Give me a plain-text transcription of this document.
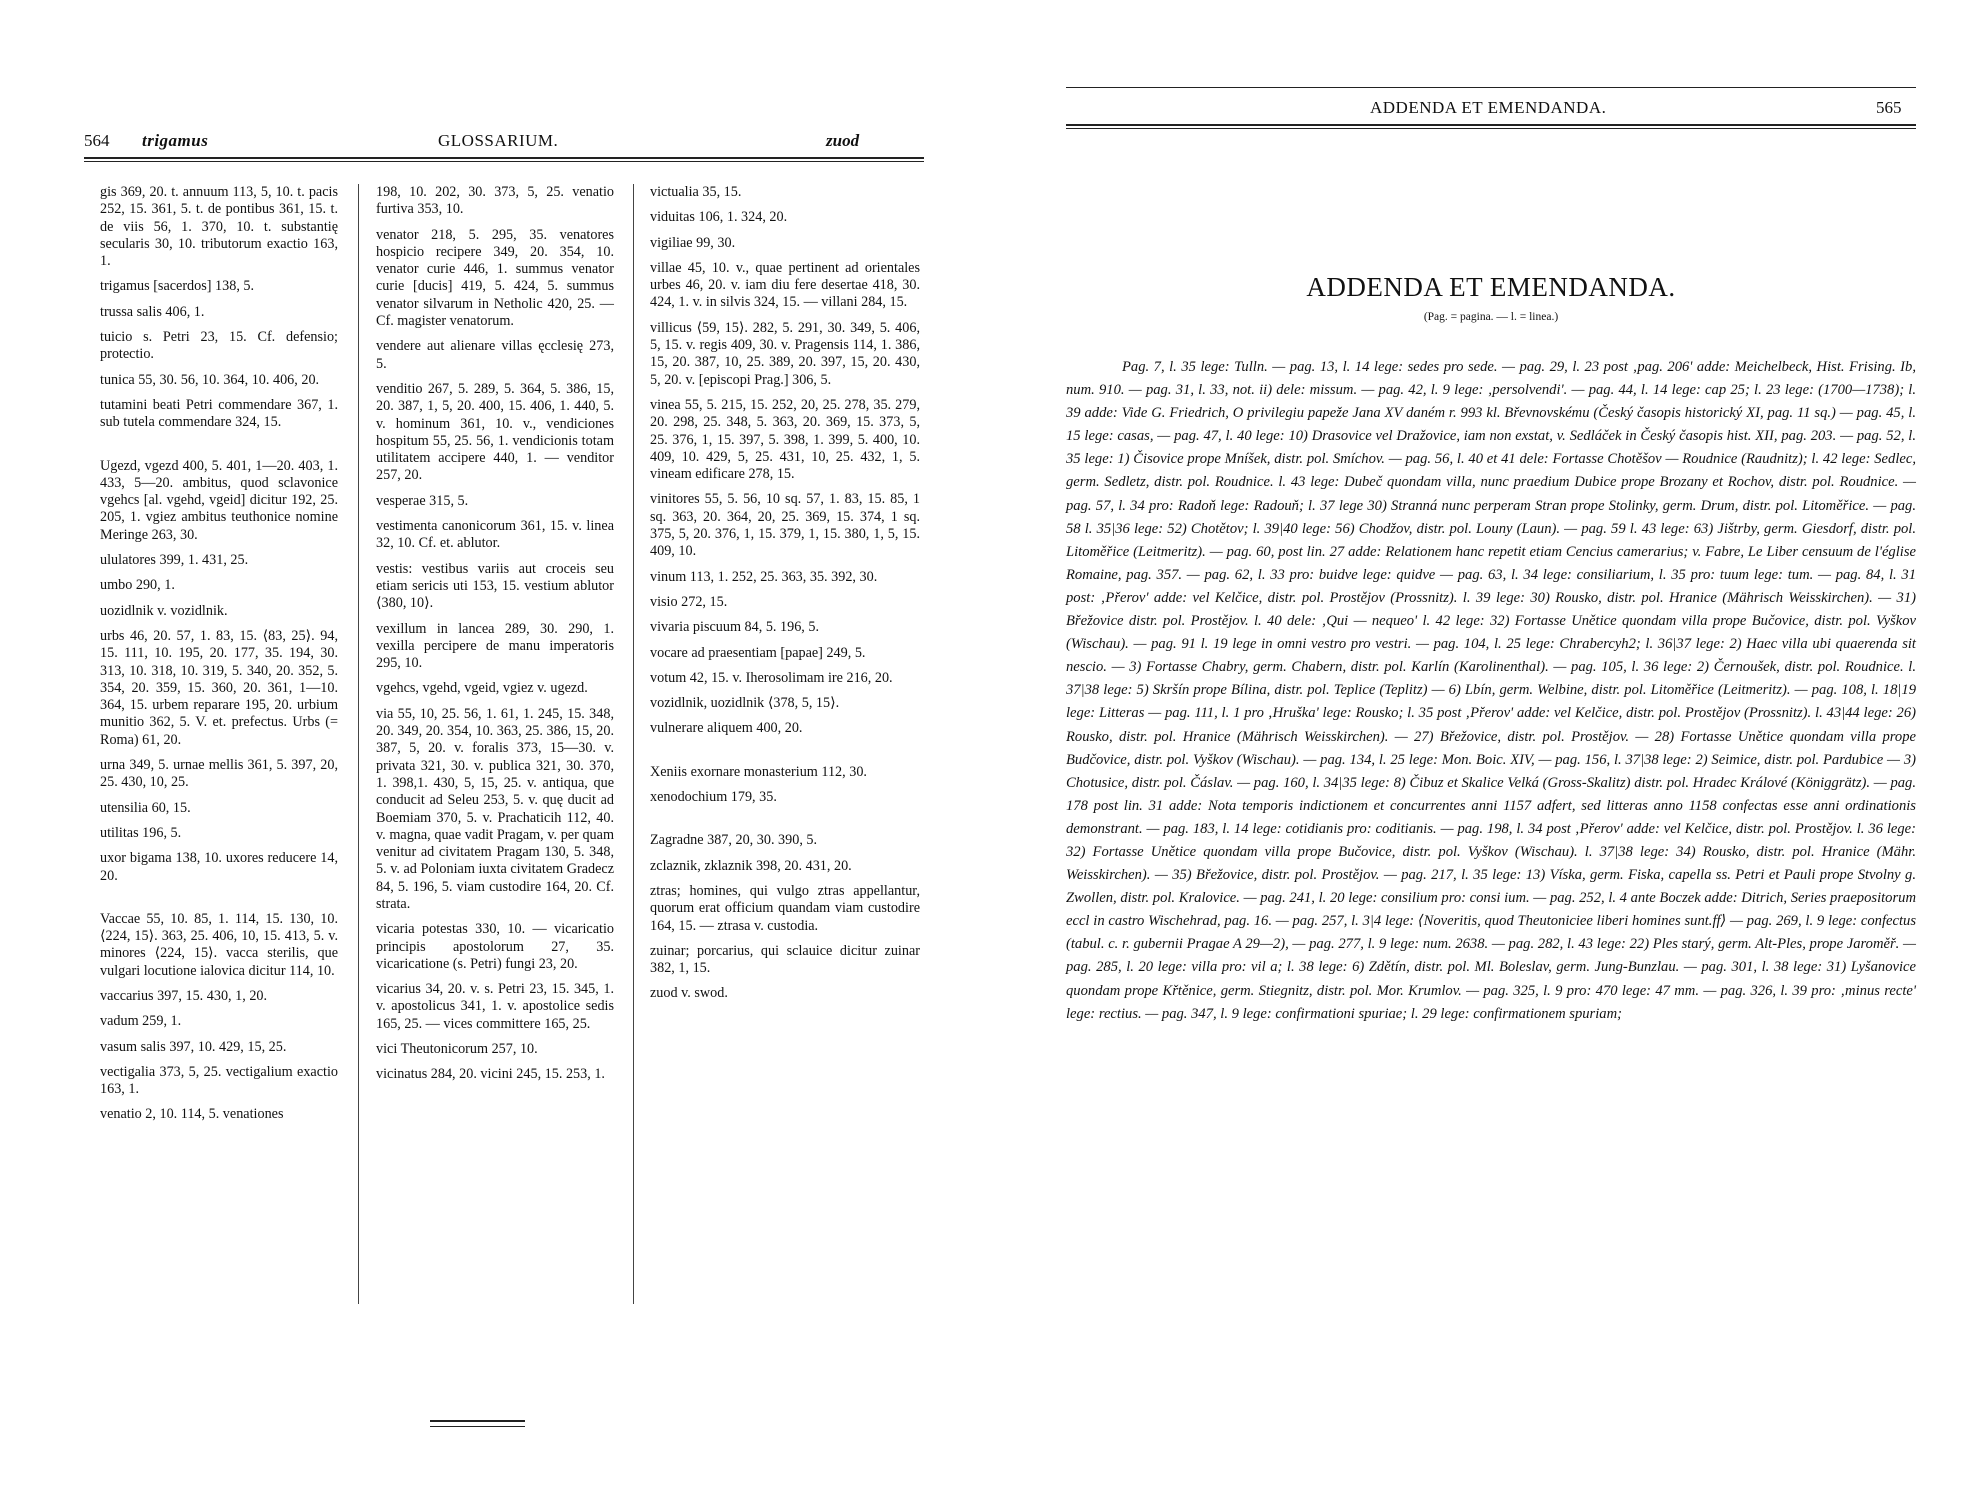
564 trigamus	GLOSSARIUM.	zuod

gis 369, 20. t. annuum 113, 5, 10. t. pacis 252, 15. 361, 5. t. de pontibus 361, 15. t. de viis 56, 1. 370, 10. t. substantię secularis 30, 10. tributorum exactio 163, 1.

trigamus [sacerdos] 138, 5.

trussa salis 406, 1.

tuicio s. Petri 23, 15. Cf. defensio; protectio.

tunica 55, 30. 56, 10. 364, 10. 406, 20.

tutamini beati Petri commendare 367, 1. sub tutela commendare 324, 15.

Ugezd, vgezd 400, 5. 401, 1—20. 403, 1. 433, 5—20. ambitus, quod sclavonice vgehcs [al. vgehd, vgeid] dicitur 192, 25. 205, 1. vgiez ambitus teuthonice nomine Meringe 263, 30.

ululatores 399, 1. 431, 25.

umbo 290, 1.

uozidlnik v. vozidlnik.

urbs 46, 20. 57, 1. 83, 15. ⟨83, 25⟩. 94, 15. 111, 10. 195, 20. 177, 35. 194, 30. 313, 10. 318, 10. 319, 5. 340, 20. 352, 5. 354, 20. 359, 15. 360, 20. 361, 1—10. 364, 15. urbem reparare 195, 20. urbium munitio 362, 5. V. et. prefectus. Urbs (= Roma) 61, 20.

urna 349, 5. urnae mellis 361, 5. 397, 20, 25. 430, 10, 25.

utensilia 60, 15.

utilitas 196, 5.

uxor bigama 138, 10. uxores reducere 14, 20.

Vaccae 55, 10. 85, 1. 114, 15. 130, 10. ⟨224, 15⟩. 363, 25. 406, 10, 15. 413, 5. v. minores ⟨224, 15⟩. vacca sterilis, que vulgari locutione ialovica dicitur 114, 10.

vaccarius 397, 15. 430, 1, 20.

vadum 259, 1.

vasum salis 397, 10. 429, 15, 25.

vectigalia 373, 5, 25. vectigalium exactio 163, 1.

venatio 2, 10. 114, 5. venationes

198, 10. 202, 30. 373, 5, 25. venatio furtiva 353, 10.

venator 218, 5. 295, 35. venatores hospicio recipere 349, 20. 354, 10. venator curie 446, 1. summus venator curie [ducis] 419, 5. 424, 5. summus venator silvarum in Netholic 420, 25. — Cf. magister venatorum.

vendere aut alienare villas ęcclesię 273, 5.

venditio 267, 5. 289, 5. 364, 5. 386, 15, 20. 387, 1, 5, 20. 400, 15. 406, 1. 440, 5. v. hominum 361, 10. v., vendiciones hospitum 55, 25. 56, 1. vendicionis totam utilitatem accipere 440, 1. — venditor 257, 20.

vesperae 315, 5.

vestimenta canonicorum 361, 15. v. linea 32, 10. Cf. et. ablutor.

vestis: vestibus variis aut croceis seu etiam sericis uti 153, 15. vestium ablutor ⟨380, 10⟩.

vexillum in lancea 289, 30. 290, 1. vexilla percipere de manu imperatoris 295, 10.

vgehcs, vgehd, vgeid, vgiez v. ugezd.

via 55, 10, 25. 56, 1. 61, 1. 245, 15. 348, 20. 349, 20. 354, 10. 363, 25. 386, 15, 20. 387, 5, 20. v. foralis 373, 15—30. v. privata 321, 30. v. publica 321, 30. 370, 1. 398,1. 430, 5, 15, 25. v. antiqua, que conducit ad Seleu 253, 5. v. quę ducit ad Boemiam 370, 5. v. Prachaticih 112, 40. v. magna, quae vadit Pragam, v. per quam venitur ad civitatem Pragam 130, 5. 348, 5. v. ad Poloniam iuxta civitatem Gradecz 84, 5. 196, 5. viam custodire 164, 20. Cf. strata.

vicaria potestas 330, 10. — vicaricatio principis apostolorum 27, 35. vicaricatione (s. Petri) fungi 23, 20.

vicarius 34, 20. v. s. Petri 23, 15. 345, 1. v. apostolicus 341, 1. v. apostolice sedis 165, 25. — vices committere 165, 25.

vici Theutonicorum 257, 10.

vicinatus 284, 20. vicini 245, 15. 253, 1.

victualia 35, 15.

viduitas 106, 1. 324, 20.

vigiliae 99, 30.

villae 45, 10. v., quae pertinent ad orientales urbes 46, 20. v. iam diu fere desertae 418, 30. 424, 1. v. in silvis 324, 15. — villani 284, 15.

villicus ⟨59, 15⟩. 282, 5. 291, 30. 349, 5. 406, 5, 15. v. regis 409, 30. v. Pragensis 114, 1. 386, 15, 20. 387, 10, 25. 389, 20. 397, 15, 20. 430, 5, 20. v. [episcopi Prag.] 306, 5.

vinea 55, 5. 215, 15. 252, 20, 25. 278, 35. 279, 20. 298, 25. 348, 5. 363, 20. 369, 15. 373, 5, 25. 376, 1, 15. 397, 5. 398, 1. 399, 5. 400, 10. 409, 10. 429, 5, 25. 431, 10, 25. 432, 1, 5. vineam edificare 278, 15.

vinitores 55, 5. 56, 10 sq. 57, 1. 83, 15. 85, 1 sq. 363, 20. 364, 20, 25. 369, 15. 374, 1 sq. 375, 5, 20. 376, 1, 15. 379, 1, 15. 380, 1, 5, 15. 409, 10.

vinum 113, 1. 252, 25. 363, 35. 392, 30.

visio 272, 15.

vivaria piscuum 84, 5. 196, 5.

vocare ad praesentiam [papae] 249, 5.

votum 42, 15. v. Iherosolimam ire 216, 20.

vozidlnik, uozidlnik ⟨378, 5, 15⟩.

vulnerare aliquem 400, 20.

Xeniis exornare monasterium 112, 30.

xenodochium 179, 35.

Zagradne 387, 20, 30. 390, 5.

zclaznik, zklaznik 398, 20. 431, 20.

ztras; homines, qui vulgo ztras appellantur, quorum erat officium quandam viam custodire 164, 15. — ztrasa v. custodia.

zuinar; porcarius, qui sclauice dicitur zuinar 382, 1, 15.

zuod v. swod.

ADDENDA ET EMENDANDA.	565
ADDENDA ET EMENDANDA.
(Pag. = pagina. — l. = linea.)

Pag. 7, l. 35 lege: Tulln. — pag. 13, l. 14 lege: sedes pro sede. — pag. 29, l. 23 post ‚pag. 206' adde: Meichelbeck, Hist. Frising. Ib, num. 910. — pag. 31, l. 33, not. ii) dele: missum. — pag. 42, l. 9 lege: ‚persolvendi'. — pag. 44, l. 14 lege: cap 25; l. 23 lege: (1700—1738); l. 39 adde: Vide G. Friedrich, O privilegiu papeže Jana XV daném r. 993 kl. Břevnovskému (Český časopis historický XI, pag. 11 sq.) — pag. 45, l. 15 lege: casas, — pag. 47, l. 40 lege: 10) Drasovice vel Dražovice, iam non exstat, v. Sedláček in Český časopis hist. XII, pag. 203. — pag. 52, l. 35 lege: 1) Čisovice prope Mníšek, distr. pol. Smíchov. — pag. 56, l. 40 et 41 dele: Fortasse Chotěšov — Roudnice (Raudnitz); l. 42 lege: Sedlec, germ. Sedletz, distr. pol. Roudnice. l. 43 lege: Dubeč quondam villa, nunc praedium Dubice prope Brozany et Rochov, distr. pol. Roudnice. — pag. 57, l. 34 pro: Radoň lege: Radouň; l. 37 lege 30) Stranná nunc perperam Stran prope Stolinky, germ. Drum, distr. pol. Litoměřice. — pag. 58 l. 35|36 lege: 52) Chotětov; l. 39|40 lege: 56) Chodžov, distr. pol. Louny (Laun). — pag. 59 l. 43 lege: 63) Jištrby, germ. Giesdorf, distr. pol. Litoměřice (Leitmeritz). — pag. 60, post lin. 27 adde: Relationem hanc repetit etiam Cencius camerarius; v. Fabre, Le Liber censuum de l'église Romaine, pag. 357. — pag. 62, l. 33 pro: buidve lege: quidve — pag. 63, l. 34 lege: consiliarium, l. 35 pro: tuum lege: tum. — pag. 84, l. 31 post: ‚Přerov' adde: vel Kelčice, distr. pol. Prostějov (Prossnitz). l. 39 lege: 30) Rousko, distr. pol. Hranice (Mährisch Weisskirchen). — 31) Břežovice distr. pol. Prostějov. l. 40 dele: ‚Qui — nequeo' l. 42 lege: 32) Fortasse Unětice quondam villa prope Bučovice, distr. pol. Vyškov (Wischau). — pag. 91 l. 19 lege in omni vestro pro vestri. — pag. 104, l. 25 lege: Chrabercyh2; l. 36|37 lege: 2) Haec villa ubi quaerenda sit nescio. — 3) Fortasse Chabry, germ. Chabern, distr. pol. Karlín (Karolinenthal). — pag. 105, l. 36 lege: 2) Černoušek, distr. pol. Roudnice. l. 37|38 lege: 5) Skršín prope Bílina, distr. pol. Teplice (Teplitz) — 6) Lbín, germ. Welbine, distr. pol. Litoměřice (Leitmeritz). — pag. 108, l. 18|19 lege: Litteras — pag. 111, l. 1 pro ‚Hruška' lege: Rousko; l. 35 post ‚Přerov' adde: vel Kelčice, distr. pol. Prostějov (Prossnitz). l. 43|44 lege: 26) Rousko, distr. pol. Hranice (Mährisch Weisskirchen). — 27) Břežovice, distr. pol. Prostějov. — 28) Fortasse Unětice quondam villa prope Budčovice, distr. pol. Vyškov (Wischau). — pag. 134, l. 25 lege: Mon. Boic. XIV, — pag. 156, l. 37|38 lege: 2) Seimice, distr. pol. Pardubice — 3) Chotusice, distr. pol. Čáslav. — pag. 160, l. 34|35 lege: 8) Čibuz et Skalice Velká (Gross-Skalitz) distr. pol. Hradec Králové (Königgrätz). — pag. 178 post lin. 31 adde: Nota temporis indictionem et concurrentes anni 1157 adfert, sed litteras anno 1158 confectas esse anni ordinationis demonstrant. — pag. 183, l. 14 lege: cotidianis pro: coditianis. — pag. 198, l. 34 post ‚Přerov' adde: vel Kelčice, distr. pol. Prostějov. l. 36 lege: 32) Fortasse Unětice quondam villa prope Bučovice, distr. pol. Vyškov (Wischau). l. 37|38 lege: 34) Rousko, distr. pol. Hranice (Mähr. Weisskirchen). — 35) Břežovice, distr. pol. Prostějov. — pag. 217, l. 35 lege: 13) Víska, germ. Fiska, capella ss. Petri et Pauli prope Stvolny g. Zwollen, distr. pol. Kralovice. — pag. 241, l. 20 lege: consilium pro: consi ium. — pag. 252, l. 4 ante Boczek adde: Ditrich, Series praepositorum eccl in castro Wischehrad, pag. 16. — pag. 257, l. 3|4 lege: ⟨Noveritis, quod Theutoniciee liberi homines sunt.ff⟩ — pag. 269, l. 9 lege: confectus (tabul. c. r. gubernii Pragae A 29—2), — pag. 277, l. 9 lege: num. 2638. — pag. 282, l. 43 lege: 22) Ples starý, germ. Alt-Ples, prope Jaroměř. — pag. 285, l. 20 lege: villa pro: vil a; l. 38 lege: 6) Zdětín, distr. pol. Ml. Boleslav, germ. Jung-Bunzlau. — pag. 301, l. 38 lege: 31) Lyšanovice quondam prope Křtěnice, germ. Stiegnitz, distr. pol. Mor. Krumlov. — pag. 325, l. 9 pro: 470 lege: 47 mm. — pag. 326, l. 39 pro: ‚minus recte' lege: rectius. — pag. 347, l. 9 lege: confirmationi spuriae; l. 29 lege: confirmationem spuriam;
